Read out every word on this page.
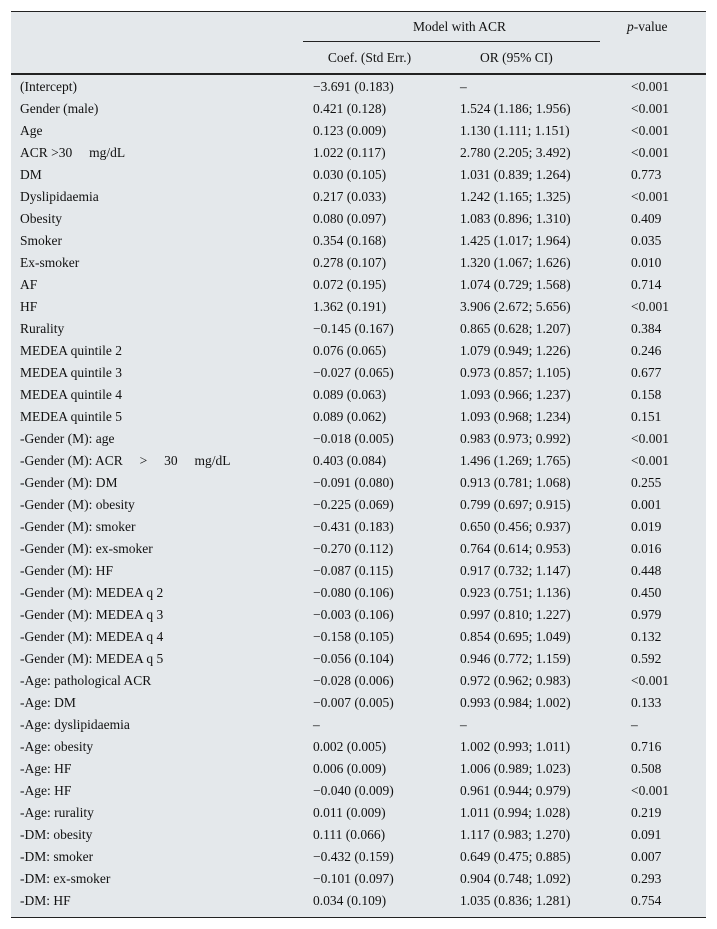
	Model with ACR		p-value
	Coef. (Std Err.)	OR (95% CI)	

(Intercept)	−3.691 (0.183)	–	<0.001
Gender (male)	0.421 (0.128)	1.524 (1.186; 1.956)	<0.001
Age	0.123 (0.009)	1.130 (1.111; 1.151)	<0.001
ACR >30  mg/dL	1.022 (0.117)	2.780 (2.205; 3.492)	<0.001
DM	0.030 (0.105)	1.031 (0.839; 1.264)	0.773
Dyslipidaemia	0.217 (0.033)	1.242 (1.165; 1.325)	<0.001
Obesity	0.080 (0.097)	1.083 (0.896; 1.310)	0.409
Smoker	0.354 (0.168)	1.425 (1.017; 1.964)	0.035
Ex-smoker	0.278 (0.107)	1.320 (1.067; 1.626)	0.010
AF	0.072 (0.195)	1.074 (0.729; 1.568)	0.714
HF	1.362 (0.191)	3.906 (2.672; 5.656)	<0.001
Rurality	−0.145 (0.167)	0.865 (0.628; 1.207)	0.384
MEDEA quintile 2	0.076 (0.065)	1.079 (0.949; 1.226)	0.246
MEDEA quintile 3	−0.027 (0.065)	0.973 (0.857; 1.105)	0.677
MEDEA quintile 4	0.089 (0.063)	1.093 (0.966; 1.237)	0.158
MEDEA quintile 5	0.089 (0.062)	1.093 (0.968; 1.234)	0.151
-Gender (M): age	−0.018 (0.005)	0.983 (0.973; 0.992)	<0.001
-Gender (M): ACR  >  30  mg/dL	0.403 (0.084)	1.496 (1.269; 1.765)	<0.001
-Gender (M): DM	−0.091 (0.080)	0.913 (0.781; 1.068)	0.255
-Gender (M): obesity	−0.225 (0.069)	0.799 (0.697; 0.915)	0.001
-Gender (M): smoker	−0.431 (0.183)	0.650 (0.456; 0.937)	0.019
-Gender (M): ex-smoker	−0.270 (0.112)	0.764 (0.614; 0.953)	0.016
-Gender (M): HF	−0.087 (0.115)	0.917 (0.732; 1.147)	0.448
-Gender (M): MEDEA q 2	−0.080 (0.106)	0.923 (0.751; 1.136)	0.450
-Gender (M): MEDEA q 3	−0.003 (0.106)	0.997 (0.810; 1.227)	0.979
-Gender (M): MEDEA q 4	−0.158 (0.105)	0.854 (0.695; 1.049)	0.132
-Gender (M): MEDEA q 5	−0.056 (0.104)	0.946 (0.772; 1.159)	0.592
-Age: pathological ACR	−0.028 (0.006)	0.972 (0.962; 0.983)	<0.001
-Age: DM	−0.007 (0.005)	0.993 (0.984; 1.002)	0.133
-Age: dyslipidaemia	–	–	–
-Age: obesity	0.002 (0.005)	1.002 (0.993; 1.011)	0.716
-Age: HF	0.006 (0.009)	1.006 (0.989; 1.023)	0.508
-Age: HF	−0.040 (0.009)	0.961 (0.944; 0.979)	<0.001
-Age: rurality	0.011 (0.009)	1.011 (0.994; 1.028)	0.219
-DM: obesity	0.111 (0.066)	1.117 (0.983; 1.270)	0.091
-DM: smoker	−0.432 (0.159)	0.649 (0.475; 0.885)	0.007
-DM: ex-smoker	−0.101 (0.097)	0.904 (0.748; 1.092)	0.293
-DM: HF	0.034 (0.109)	1.035 (0.836; 1.281)	0.754
